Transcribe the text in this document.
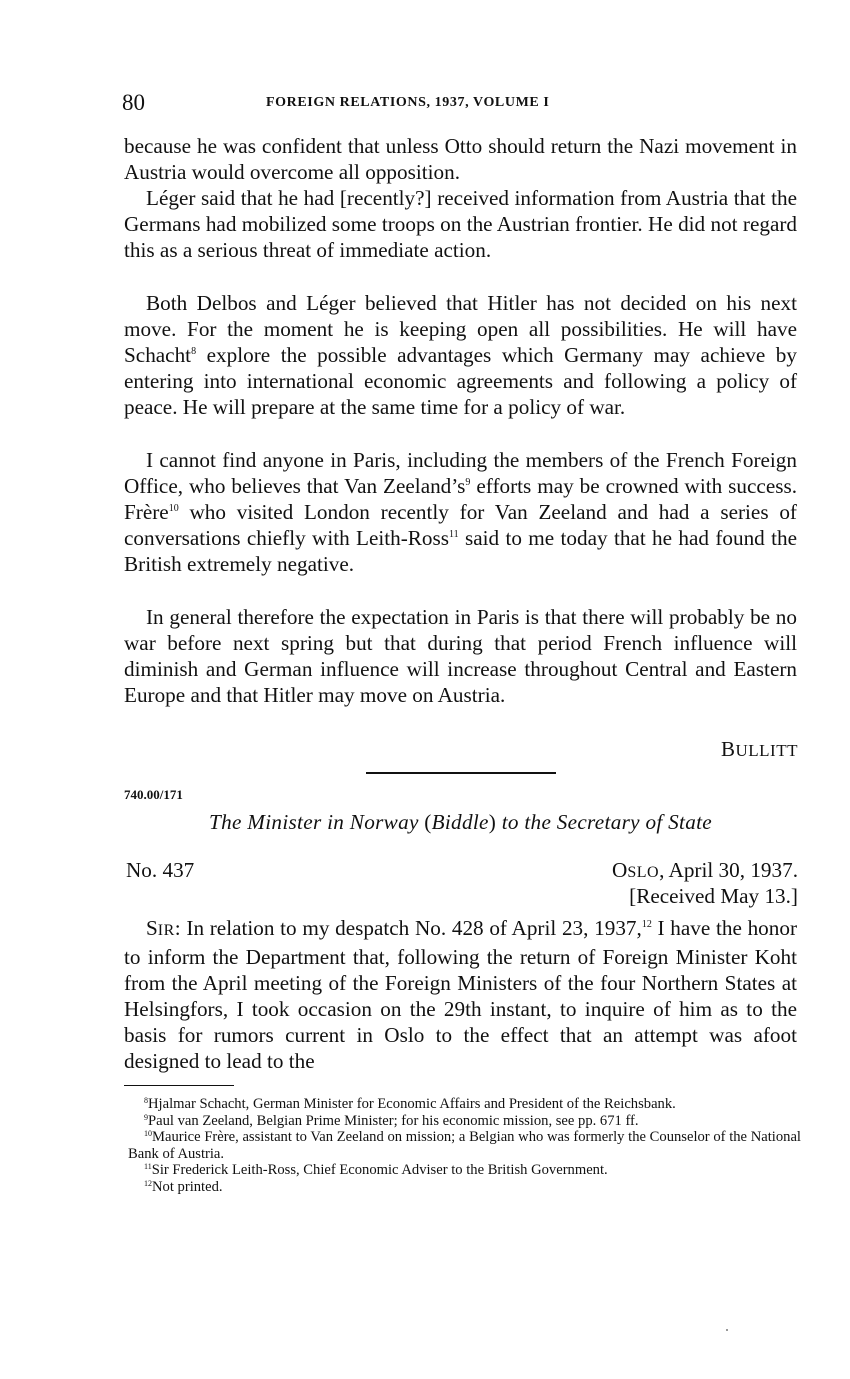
80	FOREIGN RELATIONS, 1937, VOLUME I

because he was confident that unless Otto should return the Nazi movement in Austria would overcome all opposition.

Léger said that he had [recently?] received information from Austria that the Germans had mobilized some troops on the Austrian frontier. He did not regard this as a serious threat of immediate action.

Both Delbos and Léger believed that Hitler has not decided on his next move. For the moment he is keeping open all possibilities. He will have Schacht$^8$ explore the possible advantages which Germany may achieve by entering into international economic agreements and following a policy of peace. He will prepare at the same time for a policy of war.

I cannot find anyone in Paris, including the members of the French Foreign Office, who believes that Van $Zeeland’s^9$ efforts may be crowned with success. Frère$^{10}$ who visited London recently for Van Zeeland and had a series of conversations chiefly with Leith-Ross$^{11}$ said to me today that he had found the British extremely negative.

In general therefore the expectation in Paris is that there will probably be no war before next spring but that during that period French influence will diminish and German influence will increase throughout Central and Eastern Europe and that Hitler may move on Austria.

BULLITT
740.00/171
The Minister in Norway (Biddle) to the Secretary of State
No. 437	OSLO, April 30, 1937.
[Received May 13.]

SIR: In relation to my despatch No. 428 of April 23, 1937,12 I have the honor to inform the Department that, following the return of Foreign Minister Koht from the April meeting of the Foreign Ministers of the four Northern States at Helsingfors, I took occasion on the 29th instant, to inquire of him as to the basis for rumors current in Oslo to the effect that an attempt was afoot designed to lead to the

$^8$Hjalmar Schacht, German Minister for Economic Affairs and President of the Reichsbank.

$^9$Paul van Zeeland, Belgian Prime Minister; for his economic mission, see pp. 671 ff.

$^{10}$Maurice Frère, assistant to Van Zeeland on mission; a Belgian who was formerly the Counselor of the National Bank of Austria.

$^{11}$Sir Frederick Leith-Ross, Chief Economic Adviser to the British Government.

$^{12}$Not printed.
